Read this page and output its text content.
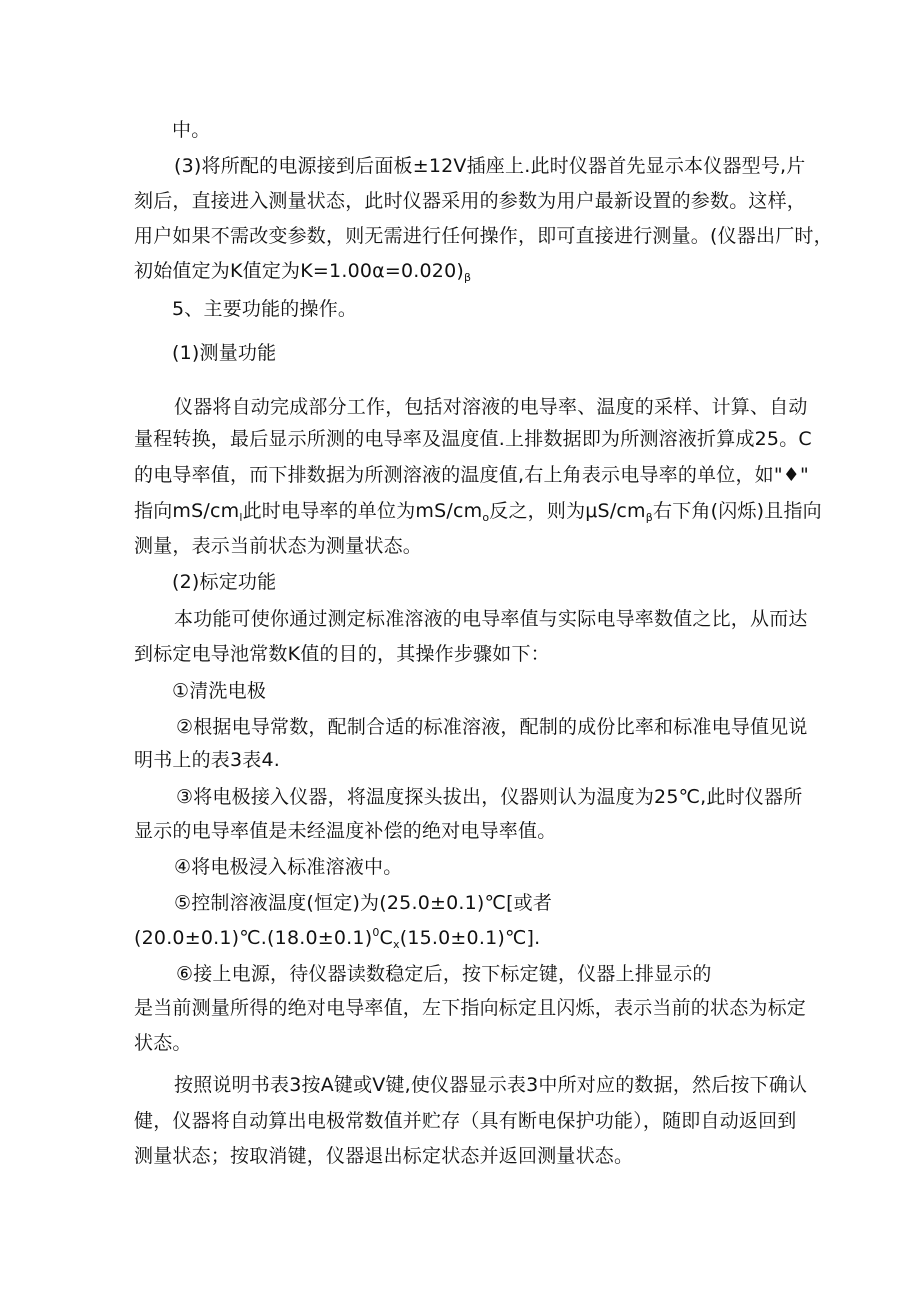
中。
(3)将所配的电源接到后面板±12V插座上.此时仪器首先显示本仪器型号,片
刻后，直接进入测量状态，此时仪器采用的参数为用户最新设置的参数。这样，
用户如果不需改变参数，则无需进行任何操作，即可直接进行测量。(仪器出厂时，
初始值定为K值定为$K=1.00\alpha=0.020)_\beta$
5、主要功能的操作。
(1)测量功能
仪器将自动完成部分工作，包括对溶液的电导率、温度的采样、计算、自动
量程转换，最后显示所测的电导率及温度值.上排数据即为所测溶液折算成25。C
的电导率值，而下排数据为所测溶液的温度值,右上角表示电导率的单位，如"♦"
指向$mS∕cm_l$此时电导率的单位为$mS∕cm_o$反之，则为$\mu S∕cm_\beta$右下角(闪烁)且指向
测量，表示当前状态为测量状态。
(2)标定功能
本功能可使你通过测定标准溶液的电导率值与实际电导率数值之比，从而达
到标定电导池常数K值的目的，其操作步骤如下：
①清洗电极
②根据电导常数，配制合适的标准溶液，配制的成份比率和标准电导值见说
明书上的表3表4.
③将电极接入仪器，将温度探头拔出，仪器则认为温度为25℃,此时仪器所
显示的电导率值是未经温度补偿的绝对电导率值。
④将电极浸入标准溶液中。
⑤控制溶液温度(恒定)为(25.0±0.1)℃[或者
$(20.0\pm 0.1)℃.(18.0\pm 0.1)^0C_x(15.0\pm 0.1)℃$].
⑥接上电源，待仪器读数稳定后，按下标定键，仪器上排显示的
是当前测量所得的绝对电导率值，左下指向标定且闪烁，表示当前的状态为标定
状态。
按照说明书表3按A键或V键,使仪器显示表3中所对应的数据，然后按下确认
健，仪器将自动算出电极常数值并贮存（具有断电保护功能），随即自动返回到
测量状态；按取消键，仪器退出标定状态并返回测量状态。
